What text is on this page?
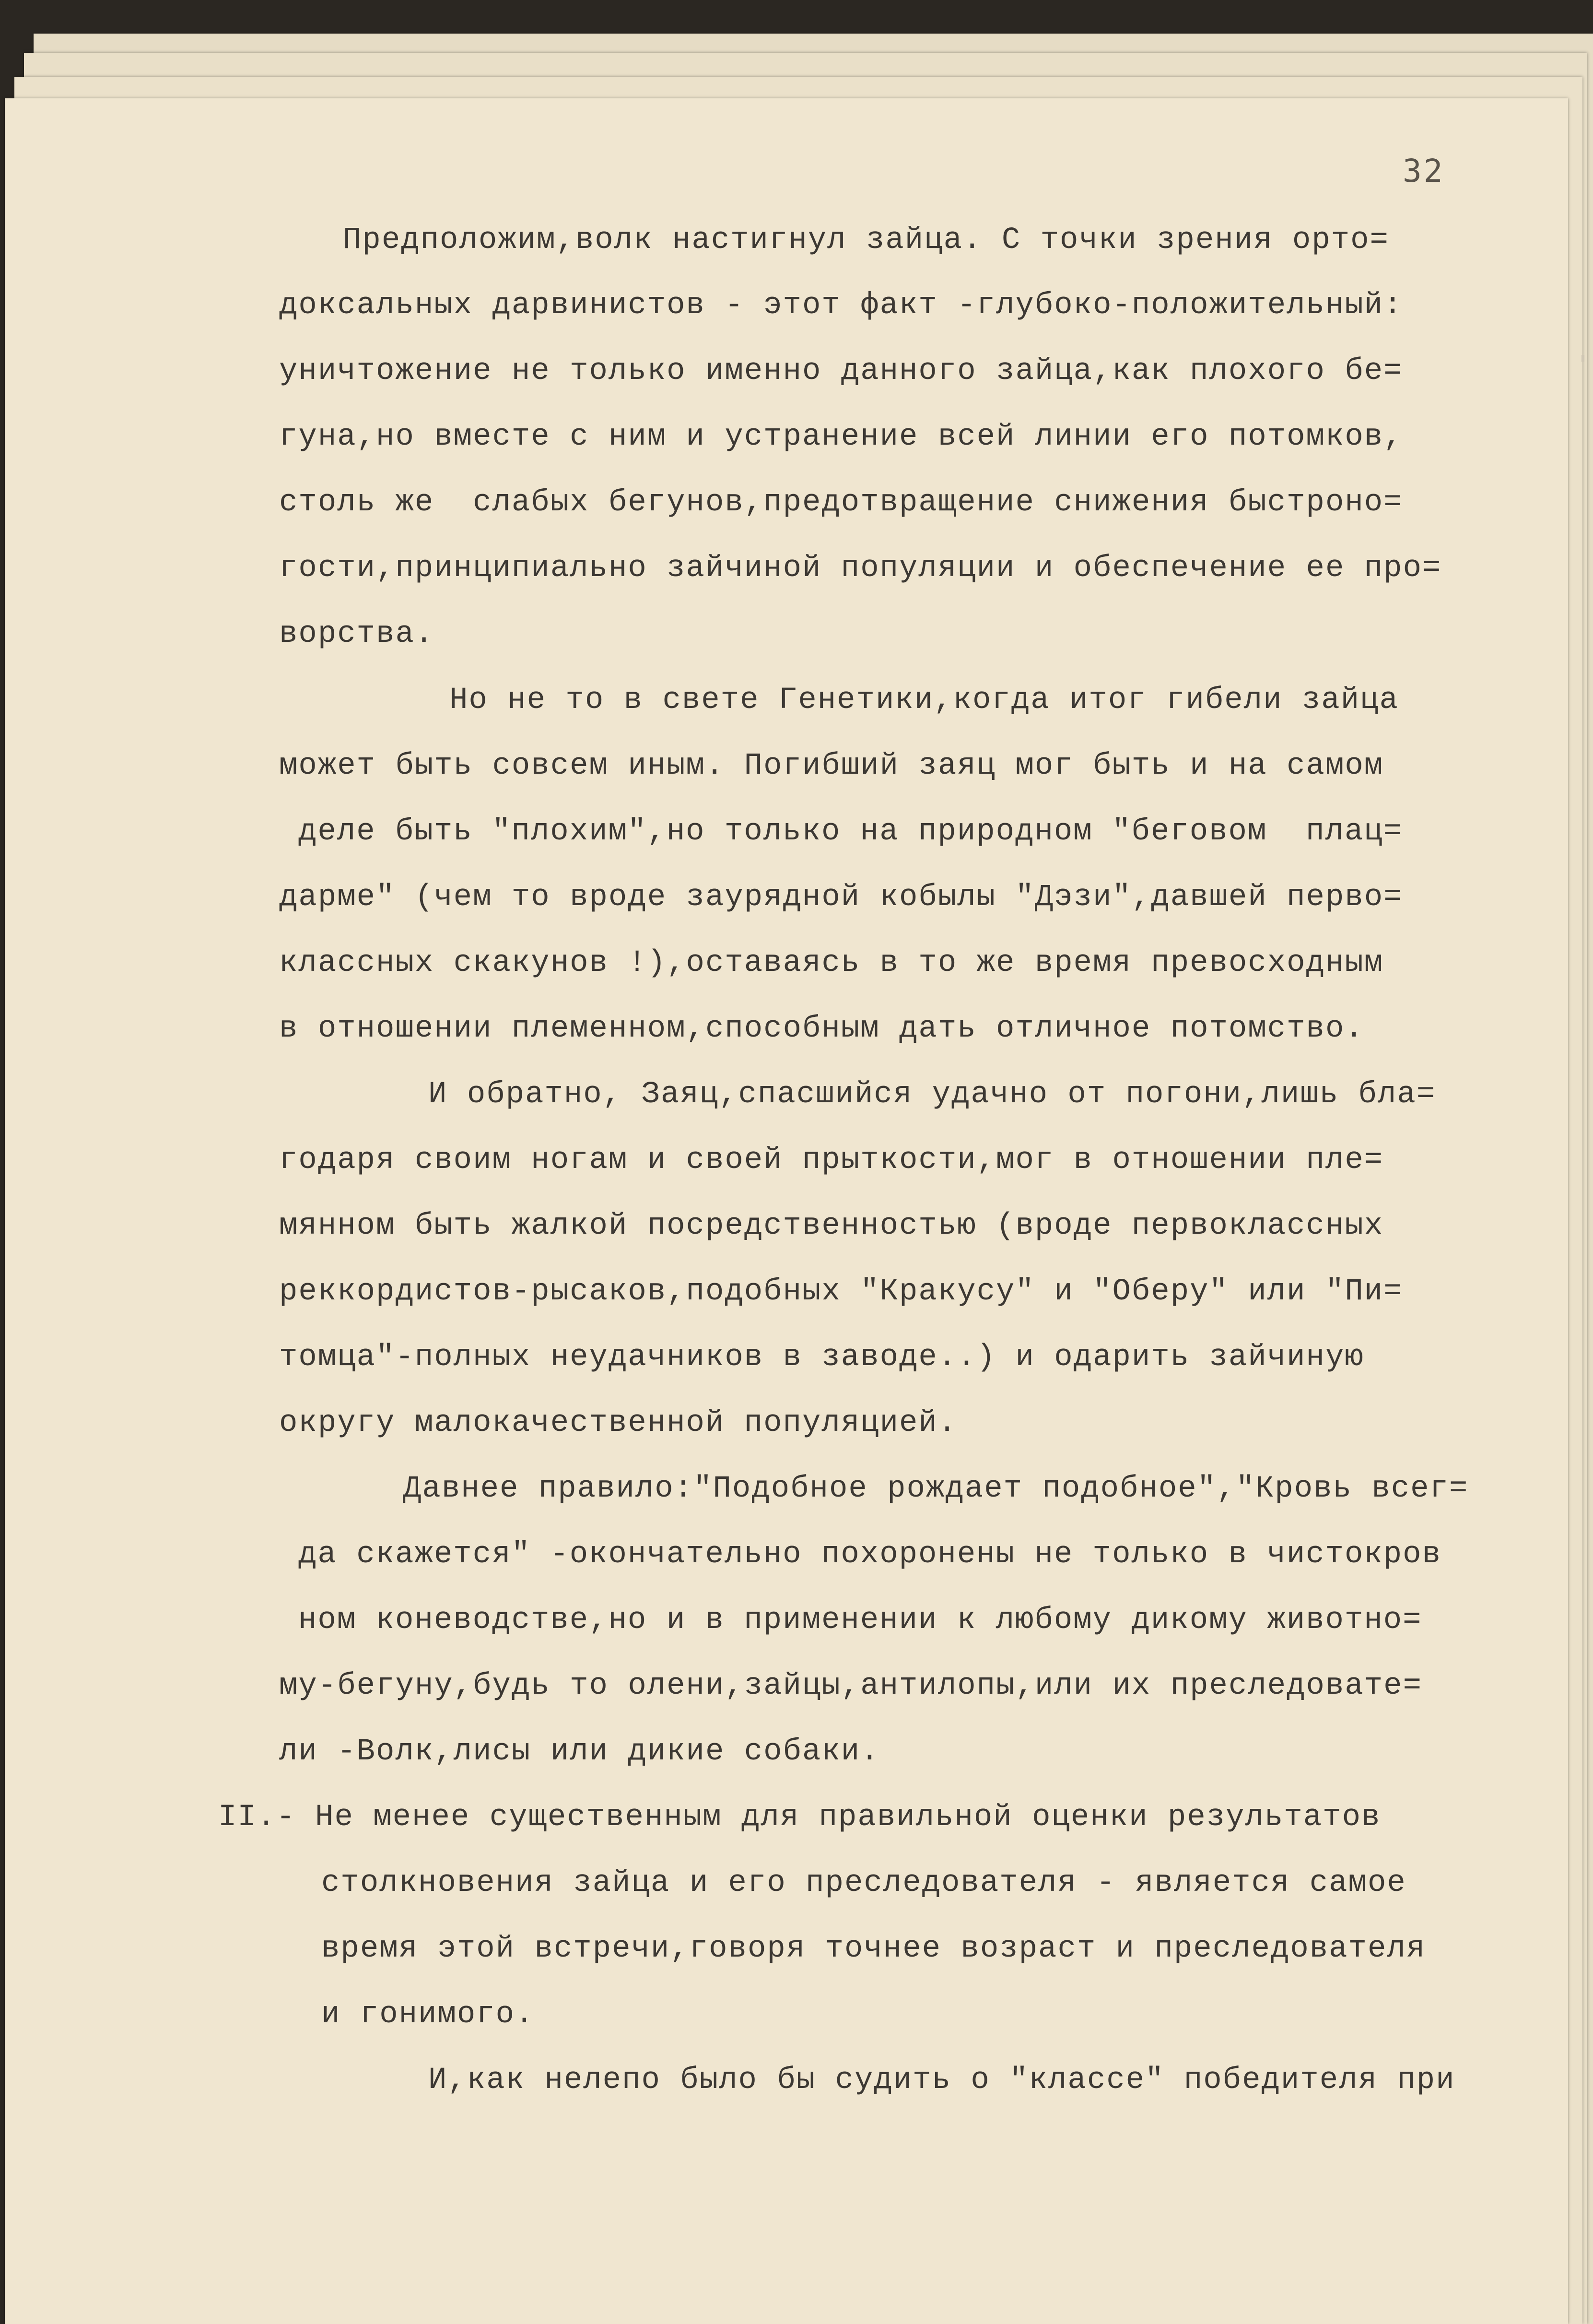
32
Предположим,волк настигнул зайца. С точки зрения орто=
доксальных дарвинистов - этот факт -глубоко-положительный:
уничтожение не только именно данного зайца,как плохого бе=
гуна,но вместе с ним и устранение всей линии его потомков,
столь же  слабых бегунов,предотвращение снижения быстроно=
гости,принципиально зайчиной популяции и обеспечение ее про=
ворства.
Но не то в свете Генетики,когда итог гибели зайца
может быть совсем иным. Погибший заяц мог быть и на самом
деле быть "плохим",но только на природном "беговом  плац=
дарме" (чем то вроде заурядной кобылы "Дэзи",давшей перво=
классных скакунов !),оставаясь в то же время превосходным
в отношении племенном,способным дать отличное потомство.
И обратно, Заяц,спасшийся удачно от погони,лишь бла=
годаря своим ногам и своей прыткости,мог в отношении пле=
мянном быть жалкой посредственностью (вроде первоклассных
реккордистов-рысаков,подобных "Кракусу" и "Оберу" или "Пи=
томца"-полных неудачников в заводе..) и одарить зайчиную
округу малокачественной популяцией.
Давнее правило:"Подобное рождает подобное","Кровь всег=
да скажется" -окончательно похоронены не только в чистокров
ном коневодстве,но и в применении к любому дикому животно=
му-бегуну,будь то олени,зайцы,антилопы,или их преследовате=
ли -Волк,лисы или дикие собаки.
II.- Не менее существенным для правильной оценки результатов
столкновения зайца и его преследователя - является самое
время этой встречи,говоря точнее возраст и преследователя
и гонимого.
И,как нелепо было бы судить о "классе" победителя при
